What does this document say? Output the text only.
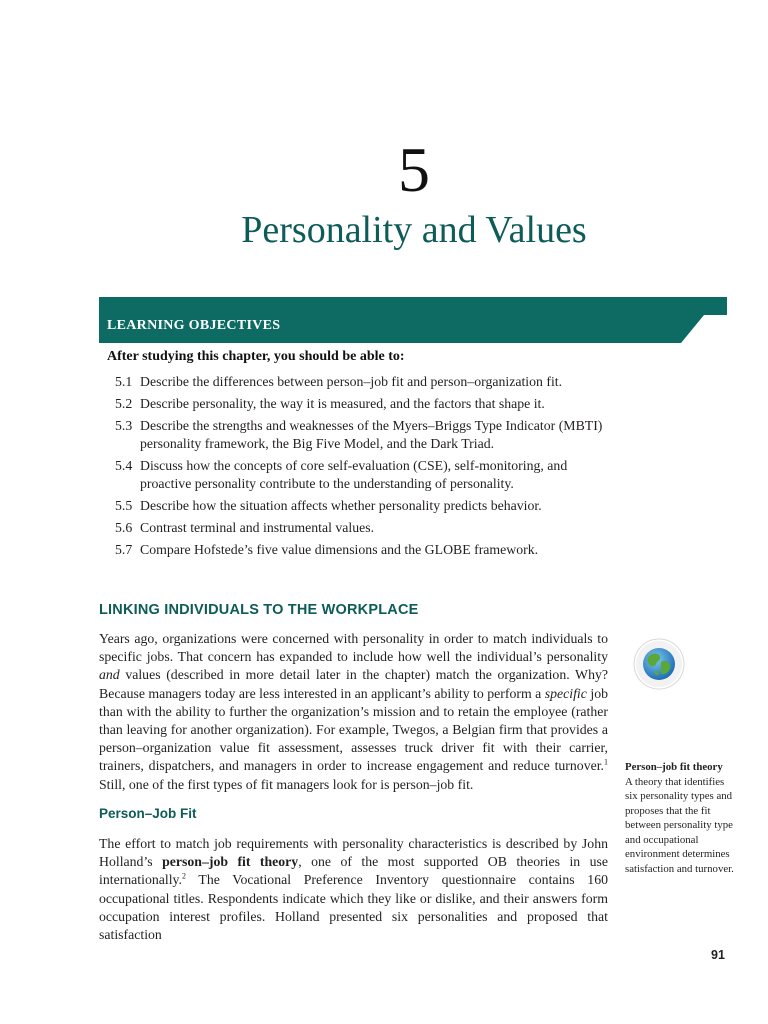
5
Personality and Values
LEARNING OBJECTIVES
After studying this chapter, you should be able to:
5.1 Describe the differences between person–job fit and person–organization fit.
5.2 Describe personality, the way it is measured, and the factors that shape it.
5.3 Describe the strengths and weaknesses of the Myers–Briggs Type Indicator (MBTI) personality framework, the Big Five Model, and the Dark Triad.
5.4 Discuss how the concepts of core self-evaluation (CSE), self-monitoring, and proactive personality contribute to the understanding of personality.
5.5 Describe how the situation affects whether personality predicts behavior.
5.6 Contrast terminal and instrumental values.
5.7 Compare Hofstede’s five value dimensions and the GLOBE framework.
LINKING INDIVIDUALS TO THE WORKPLACE
Years ago, organizations were concerned with personality in order to match individuals to specific jobs. That concern has expanded to include how well the individual’s personality and values (described in more detail later in the chapter) match the organization. Why? Because managers today are less interested in an applicant’s ability to perform a specific job than with the ability to further the organization’s mission and to retain the employee (rather than leaving for another organization). For example, Twegos, a Belgian firm that provides a person–organization value fit assessment, assesses truck driver fit with their carrier, trainers, dispatchers, and managers in order to increase engagement and reduce turnover.$^1$ Still, one of the first types of fit managers look for is person–job fit.
Person–Job Fit
The effort to match job requirements with personality characteristics is described by John Holland’s person–job fit theory, one of the most supported OB theories in use internationally.$^2$ The Vocational Preference Inventory questionnaire contains 160 occupational titles. Respondents indicate which they like or dislike, and their answers form occupation interest profiles. Holland presented six personalities and proposed that satisfaction
Person–job fit theory
A theory that identifies six personality types and proposes that the fit between personality type and occupational environment determines satisfaction and turnover.
91
